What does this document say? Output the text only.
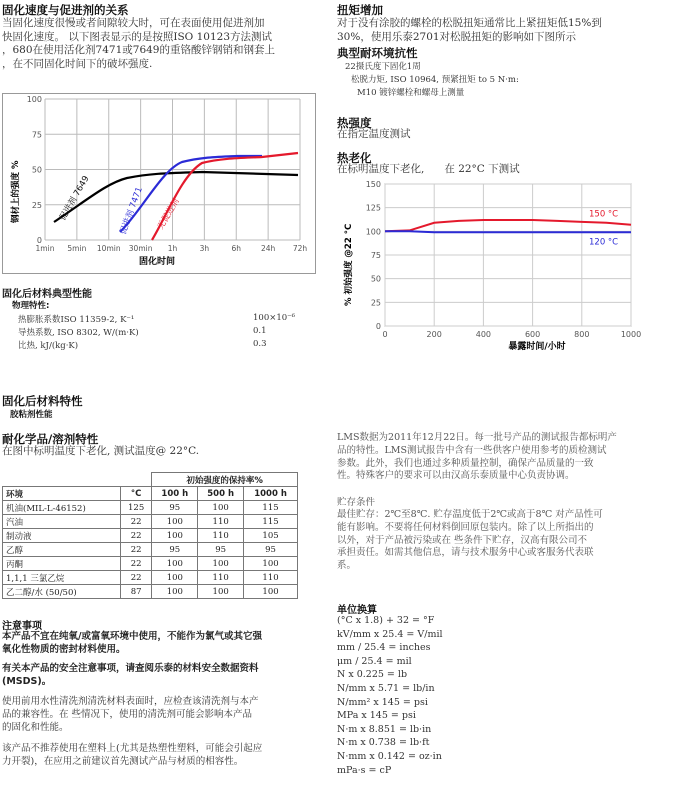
固化速度与促进剂的关系
当固化速度很慢或者间隙较大时，可在表面使用促进剂加
快固化速度。 以下图表显示的是按照ISO 10123方法测试
，680在使用活化剂7471或7649的重铬酸锌钢销和钢套上
，在不同固化时间下的破坏强度.
0
25
50
75
100
1min 5min 10min 30min 1h	3h	6h	24h 72h
促进剂 7649	促进剂 7471 无促进剂
钢材上的强度 %
固化时间
固化后材料典型性能
物理特性:
热膨胀系数ISO 11359-2, K⁻¹	100×10⁻⁶
导热系数, ISO 8302, W/(m·K)	0.1
比热, kJ/(kg·K)	0.3
固化后材料特性
胶粘剂性能
耐化学品/溶剂特性
在图中标明温度下老化, 测试温度@ 22°C.
		初始强度的保持率%		
环境	°C	100 h	500 h	1000 h
机油(MIL-L-46152)	125	95	100	115
汽油	22	100	110	115
制动液	22	100	110	105
乙醇	22	95	95	95
丙酮	22	100	100	100
1,1,1 三氯乙烷	22	100	110	110
乙二醇/水 (50/50)	87	100	100	100
注意事项
本产品不宜在纯氧/或富氧环境中使用，不能作为氯气或其它强
氧化性物质的密封材料使用。
有关本产品的安全注意事项，请查阅乐泰的材料安全数据资料
(MSDS)。
使用前用水性清洗剂清洗材料表面时，应检查该清洗剂与本产
品的兼容性。在 些情况下，使用的清洗剂可能会影响本产品
的固化和性能。
该产品不推荐使用在塑料上(尤其是热塑性塑料，可能会引起应
力开裂)，在应用之前建议首先测试产品与材质的相容性。
扭矩增加
对于没有涂胶的螺栓的松脱扭矩通常比上紧扭矩低15%到
30%，使用乐泰2701对松脱扭矩的影响如下图所示
典型耐环境抗性
22摄氏度下固化1周
松脱力矩, ISO 10964, 预紧扭矩 to 5 N·m:
M10 镀锌螺栓和螺母上测量
热强度
在指定温度测试
热老化
在标明温度下老化,      在 22°C 下测试
0
25
50
75
100
125
150
0	200	400	600	800	1000
150 °C
120 °C
% 初始强度 @22 °C
暴露时间/小时
LMS数据为2011年12月22日。每一批号产品的测试报告都标明产
品的特性。LMS测试报告中含有一些供客户使用参考的质检测试
参数。此外，我们也通过多种质量控制，确保产品质量的一致
性。特殊客户的要求可以由汉高乐泰质量中心负责协调。
贮存条件
最佳贮存：2℃至8℃. 贮存温度低于2℃或高于8℃ 对产品性可
能有影响。不要将任何材料倒回原包装内。除了以上所指出的
以外，对于产品被污染或在 些条件下贮存，汉高有限公司不
承担责任。如需其他信息，请与技术服务中心或客服务代表联
系。
单位换算
(°C x 1.8) + 32 = °F
kV/mm x 25.4 = V/mil
mm / 25.4 = inches
μm / 25.4 = mil
N x 0.225 = lb
N/mm x 5.71 = lb/in
N/mm² x 145 = psi
MPa x 145 = psi
N·m x 8.851 = lb·in
N·m x 0.738 = lb·ft
N·mm x 0.142 = oz·in
mPa·s = cP
